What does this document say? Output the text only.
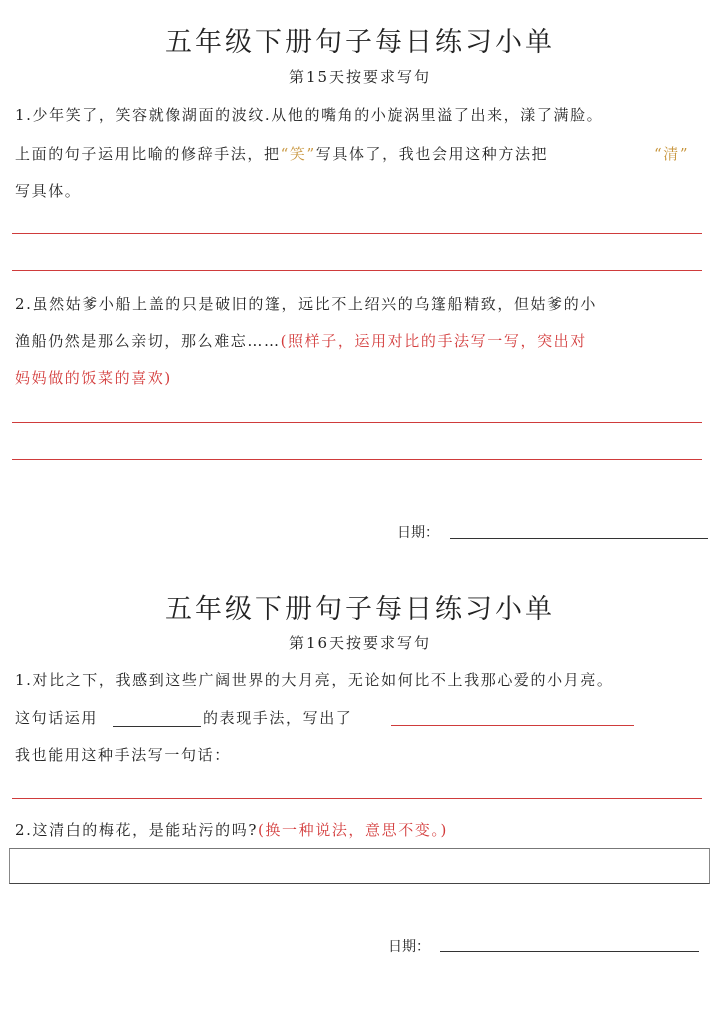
五年级下册句子每日练习小单
第15天按要求写句
1.少年笑了，笑容就像湖面的波纹.从他的嘴角的小旋涡里溢了出来，漾了满脸。
上面的句子运用比喻的修辞手法，把“笑”写具体了，我也会用这种方法把	“清”
写具体。
2.虽然姑爹小船上盖的只是破旧的篷，远比不上绍兴的乌篷船精致，但姑爹的小
渔船仍然是那么亲切，那么难忘……(照样子，运用对比的手法写一写，突出对
妈妈做的饭菜的喜欢)
日期：
五年级下册句子每日练习小单
第16天按要求写句
1.对比之下，我感到这些广阔世界的大月亮，无论如何比不上我那心爱的小月亮。
这句话运用	的表现手法，写出了
我也能用这种手法写一句话：
2.这清白的梅花，是能玷污的吗?(换一种说法，意思不变。)
日期：
